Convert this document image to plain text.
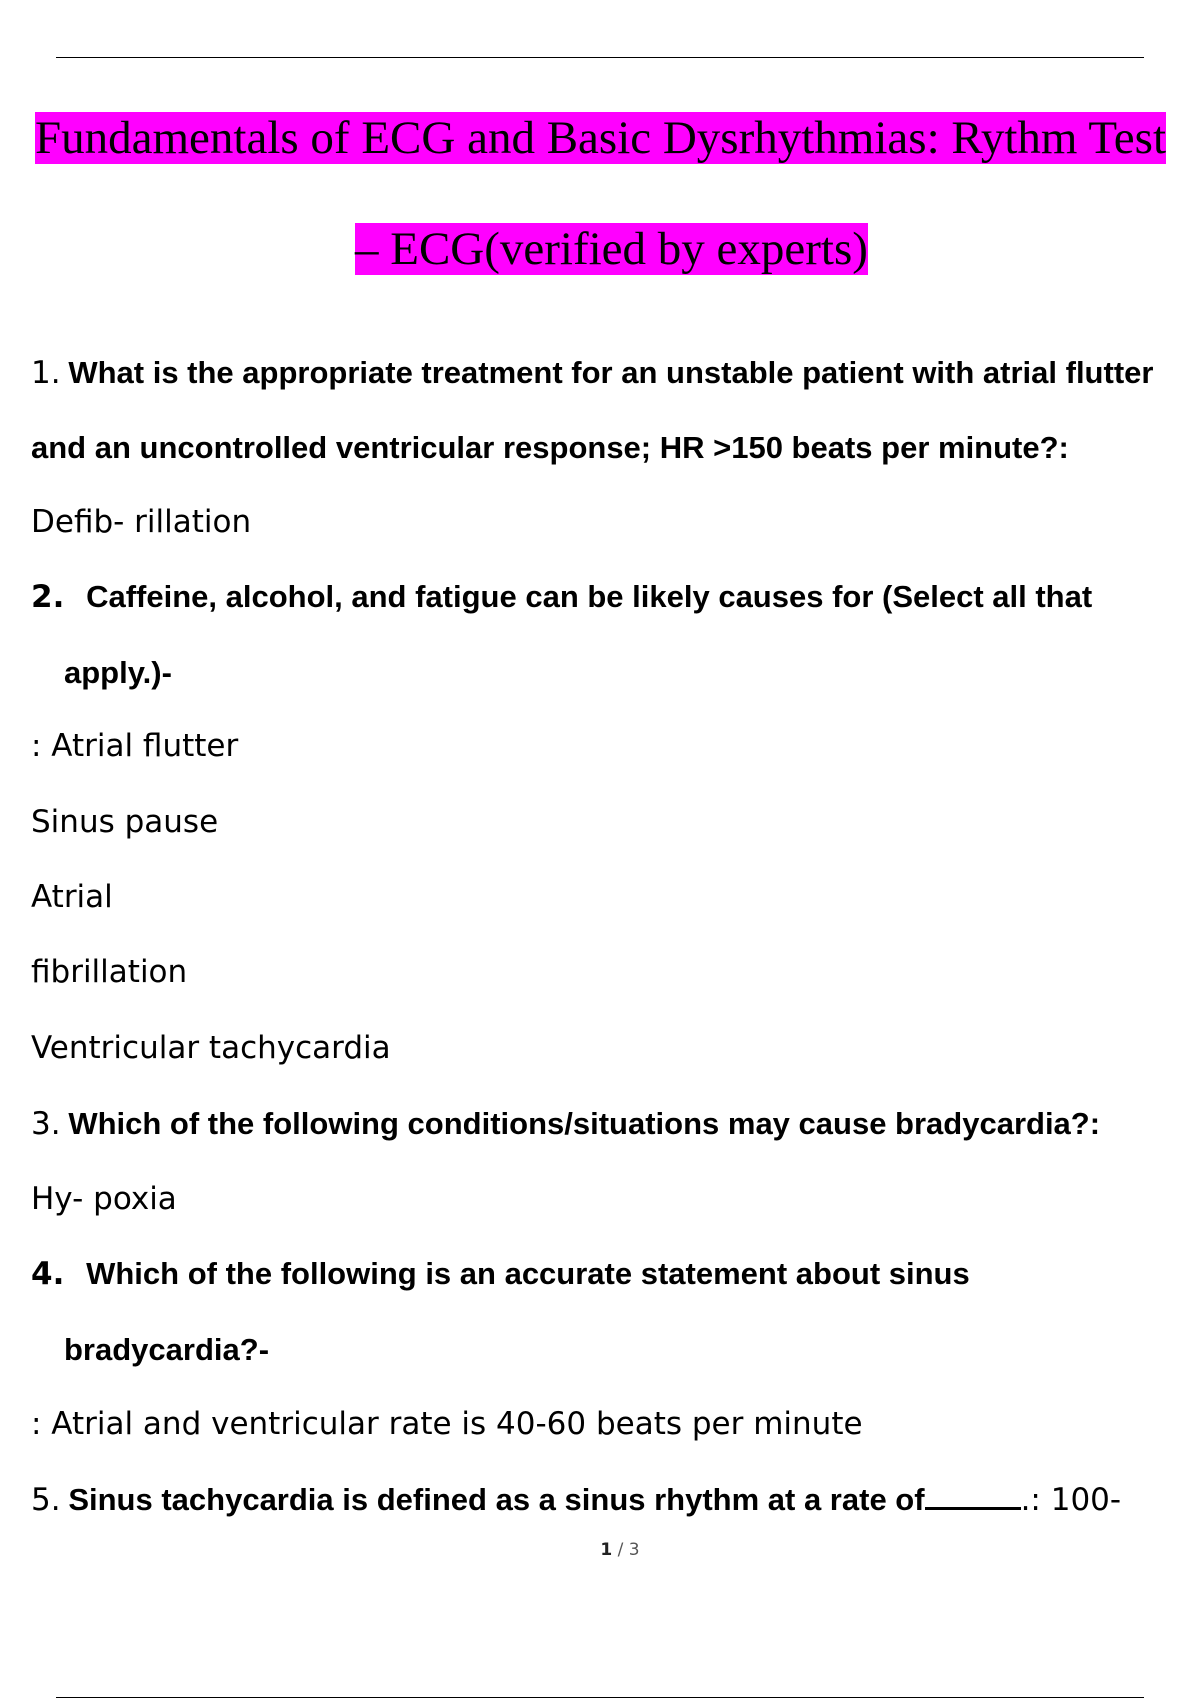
Fundamentals of ECG and Basic Dysrhythmias: Rythm Test
– ECG(verified by experts)
1. What is the appropriate treatment for an unstable patient with atrial flutter
and an uncontrolled ventricular response; HR >150 beats per minute?:
Defib- rillation
2. Caffeine, alcohol, and fatigue can be likely causes for (Select all that
apply.)-
: Atrial flutter
Sinus pause
Atrial
fibrillation
Ventricular tachycardia
3. Which of the following conditions/situations may cause bradycardia?:
Hy- poxia
4. Which of the following is an accurate statement about sinus
bradycardia?-
: Atrial and ventricular rate is 40-60 beats per minute
5. Sinus tachycardia is defined as a sinus rhythm at a rate of	.: 100-
1 / 3
